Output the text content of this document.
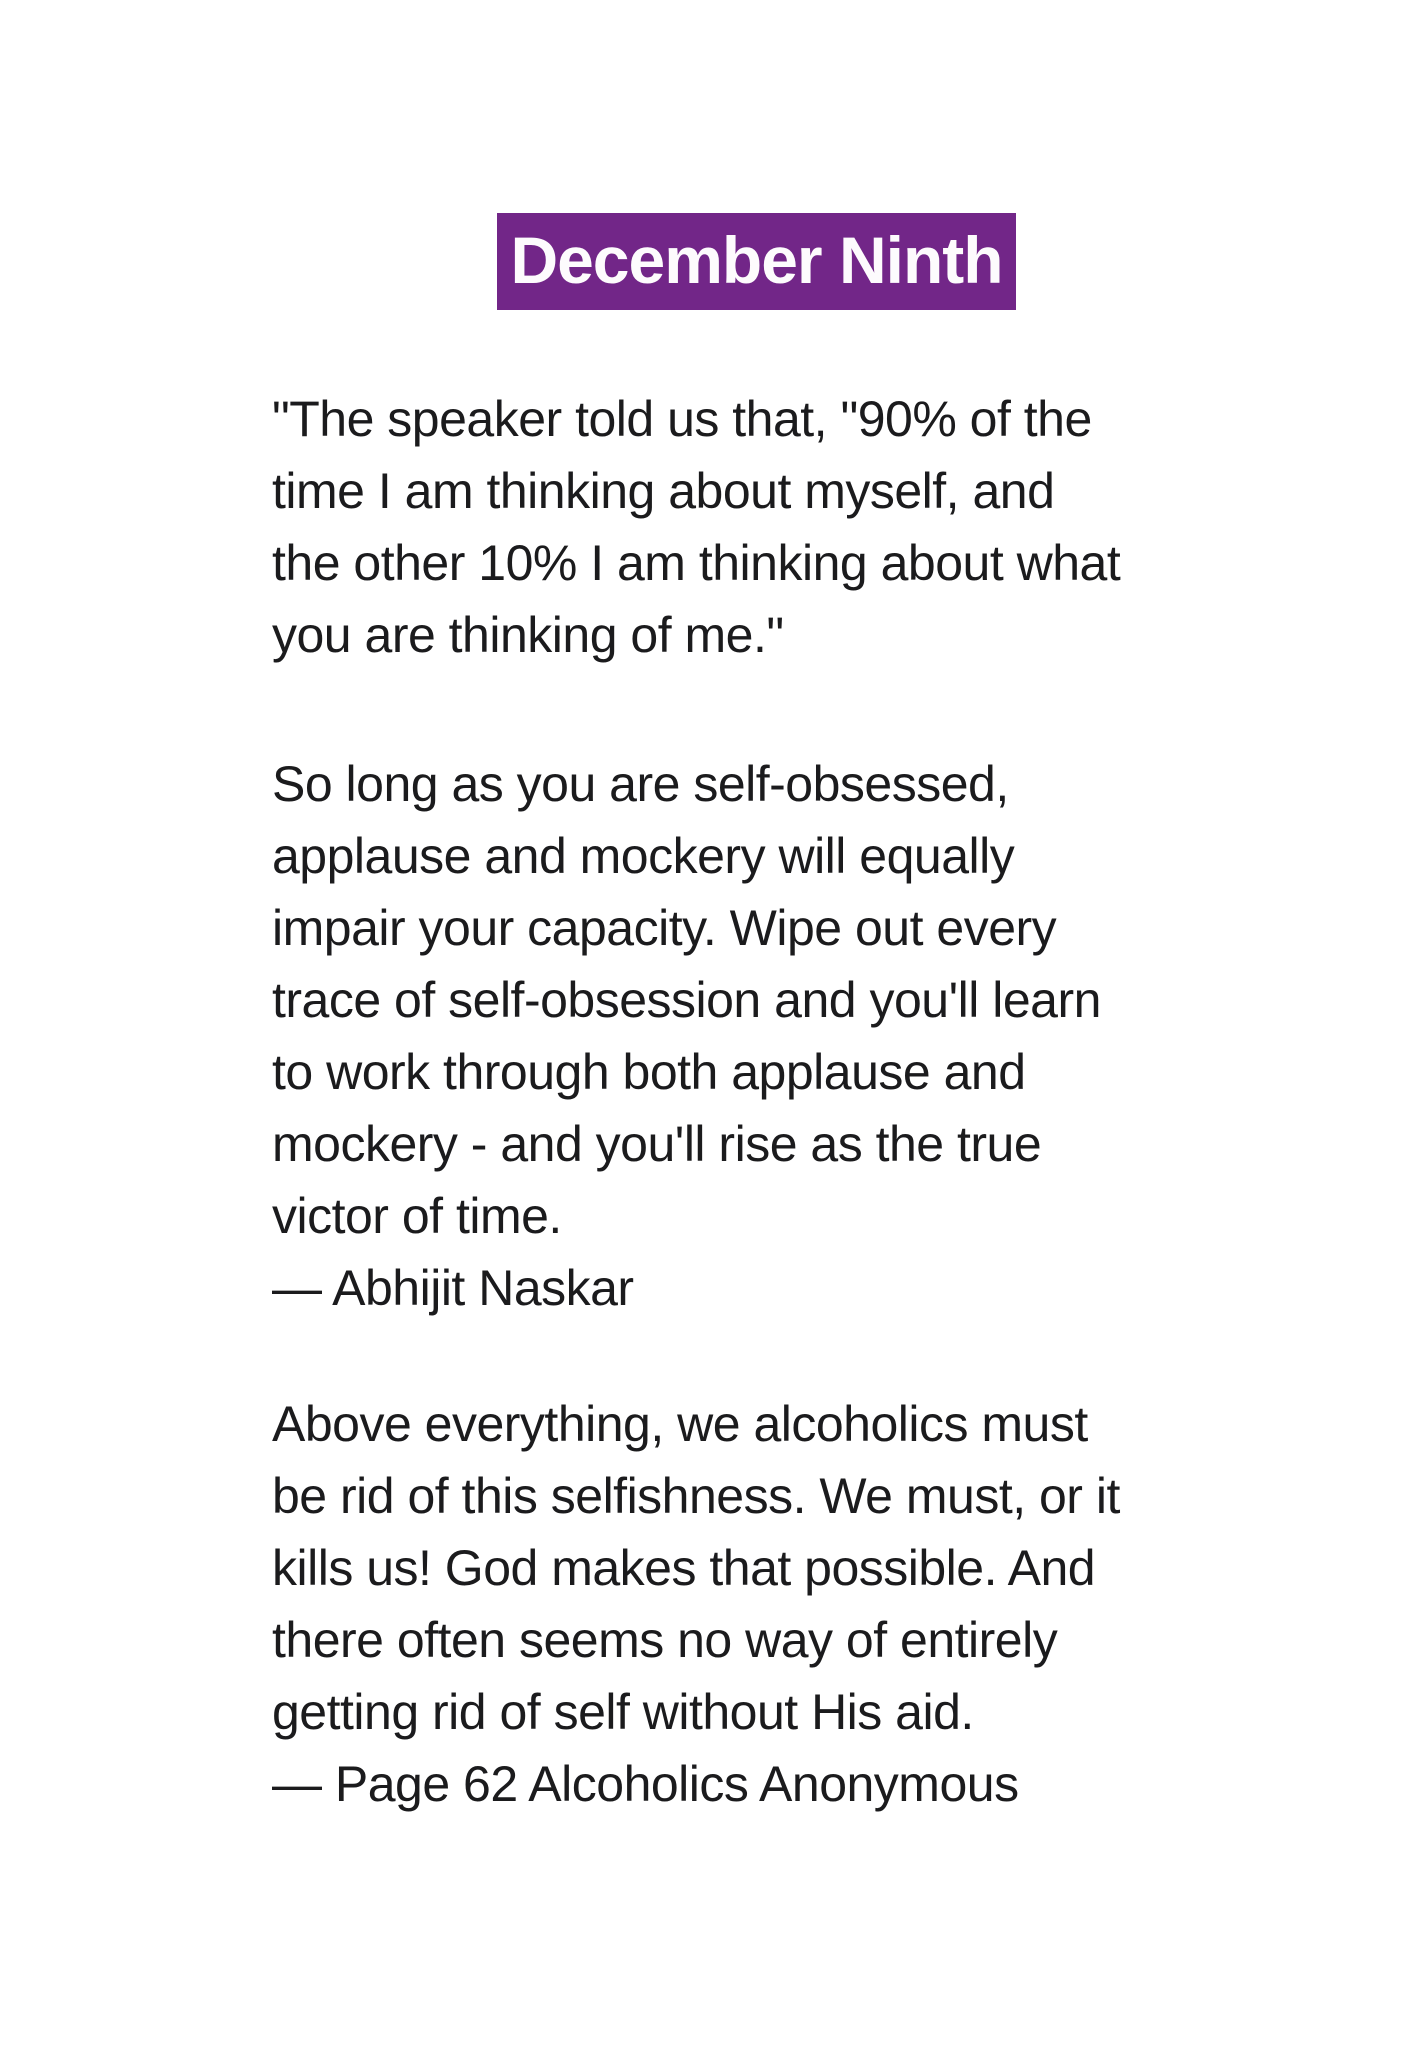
December Ninth
"The speaker told us that, "90% of the
time I am thinking about myself, and
the other 10% I am thinking about what
you are thinking of me."
So long as you are self-obsessed,
applause and mockery will equally
impair your capacity. Wipe out every
trace of self-obsession and you'll learn
to work through both applause and
mockery - and you'll rise as the true
victor of time.
— Abhijit Naskar
Above everything, we alcoholics must
be rid of this selfishness. We must, or it
kills us! God makes that possible. And
there often seems no way of entirely
getting rid of self without His aid.
— Page 62 Alcoholics Anonymous
